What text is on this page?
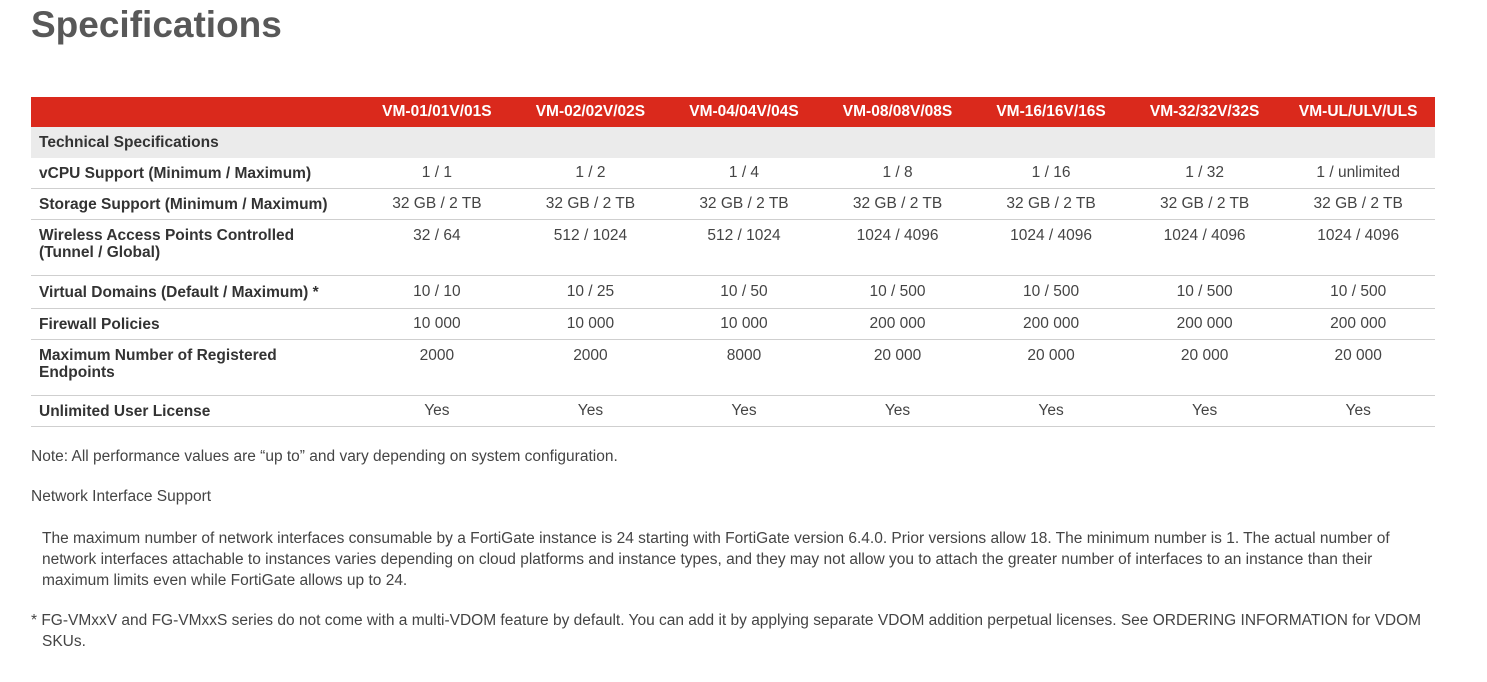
Specifications
	VM-01/01V/01S	VM-02/02V/02S	VM-04/04V/04S	VM-08/08V/08S	VM-16/16V/16S	VM-32/32V/32S	VM-UL/ULV/ULS
Technical Specifications							
vCPU Support (Minimum / Maximum)	1 / 1	1 / 2	1 / 4	1 / 8	1 / 16	1 / 32	1 / unlimited
Storage Support (Minimum / Maximum)	32 GB / 2 TB	32 GB / 2 TB	32 GB / 2 TB	32 GB / 2 TB	32 GB / 2 TB	32 GB / 2 TB	32 GB / 2 TB
Wireless Access Points Controlled (Tunnel / Global)	32 / 64	512 / 1024	512 / 1024	1024 / 4096	1024 / 4096	1024 / 4096	1024 / 4096
Virtual Domains (Default / Maximum) *	10 / 10	10 / 25	10 / 50	10 / 500	10 / 500	10 / 500	10 / 500
Firewall Policies	10 000	10 000	10 000	200 000	200 000	200 000	200 000
Maximum Number of Registered Endpoints	2000	2000	8000	20 000	20 000	20 000	20 000
Unlimited User License	Yes	Yes	Yes	Yes	Yes	Yes	Yes

Note: All performance values are “up to” and vary depending on system configuration.

Network Interface Support

The maximum number of network interfaces consumable by a FortiGate instance is 24 starting with FortiGate version 6.4.0. Prior versions allow 18. The minimum number is 1. The actual number of network interfaces attachable to instances varies depending on cloud platforms and instance types, and they may not allow you to attach the greater number of interfaces to an instance than their maximum limits even while FortiGate allows up to 24.

* FG-VMxxV and FG-VMxxS series do not come with a multi-VDOM feature by default. You can add it by applying separate VDOM addition perpetual licenses. See ORDERING INFORMATION for VDOM SKUs.
